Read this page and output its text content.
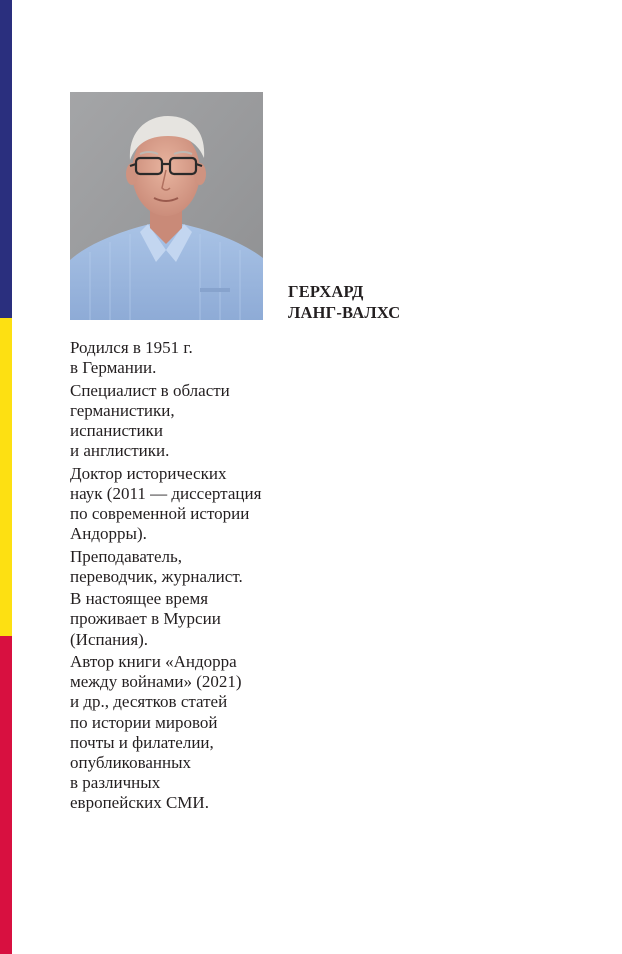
ГЕРХАРД
ЛАНГ-ВАЛХС

Родился в 1951 г.
в Германии.

Специалист в области
германистики,
испанистики
и англистики.

Доктор исторических
наук (2011 — диссертация
по современной истории
Андорры).

Преподаватель,
переводчик, журналист.

В настоящее время
проживает в Мурсии
(Испания).

Автор книги «Андорра
между войнами» (2021)
и др., десятков статей
по истории мировой
почты и филателии,
опубликованных
в различных
европейских СМИ.
